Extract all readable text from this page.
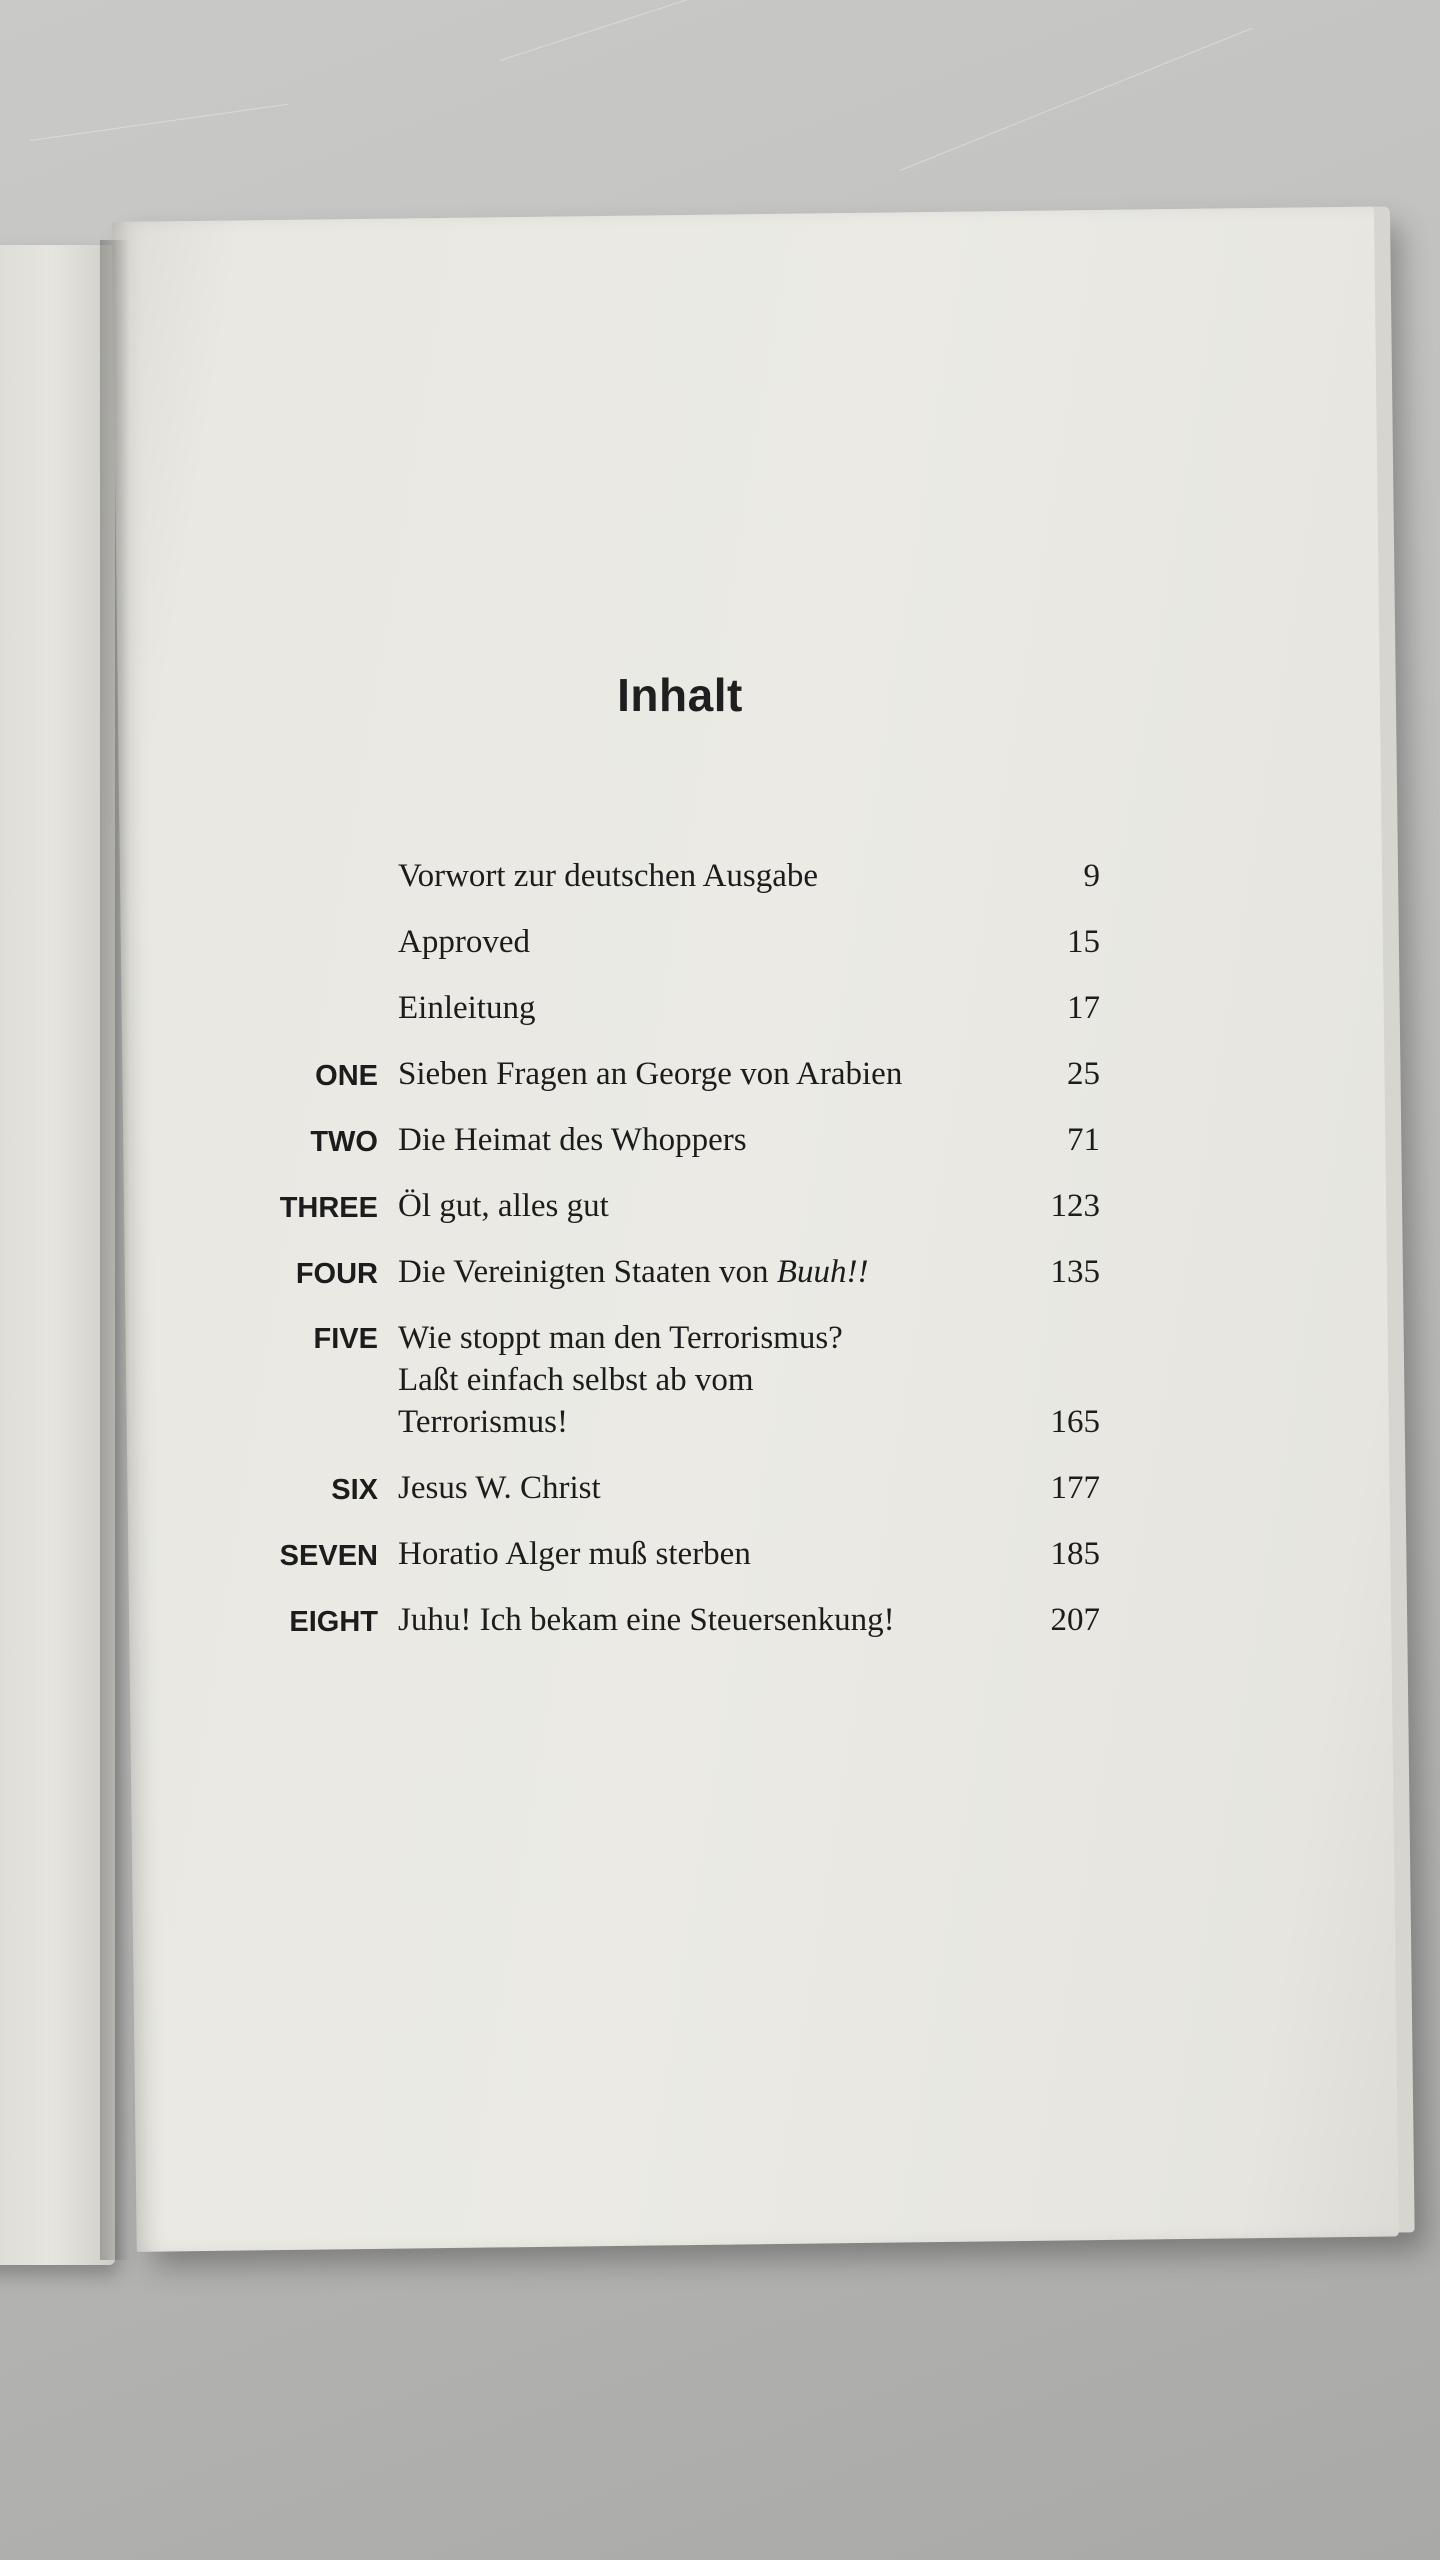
Inhalt
Vorwort zur deutschen Ausgabe	9
Approved	15
Einleitung	17
ONE Sieben Fragen an George von Arabien	25
TWO Die Heimat des Whoppers	71
THREE Öl gut, alles gut	123
FOUR Die Vereinigten Staaten von Buuh!!	135
FIVE Wie stoppt man den Terrorismus?
Laßt einfach selbst ab vom
Terrorismus!	165
SIX Jesus W. Christ	177
SEVEN Horatio Alger muß sterben	185
EIGHT Juhu! Ich bekam eine Steuersenkung!	207
